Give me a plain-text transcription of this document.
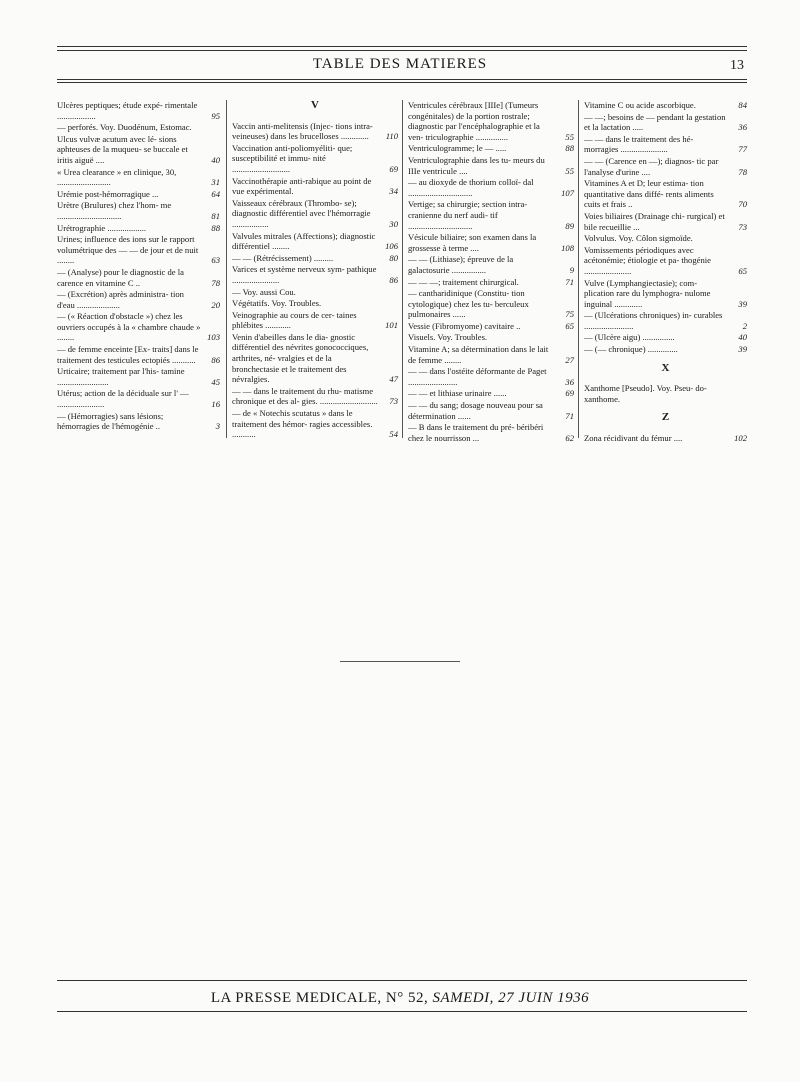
TABLE DES MATIERES	13
Ulcères peptiques; étude expé- rimentale ..................	95
— perforés. Voy. Duodénum, Estomac.
Ulcus vulvæ acutum avec lé- sions aphteuses de la muqueu- se buccale et iritis aiguë ....	40
« Urea clearance » en clinique, 30, .........................	31
Urémie post-hémorragique ...	64
Urètre (Brulures) chez l'hom- me ..............................	81
Urétrographie ..................	88
Urines; influence des ions sur le rapport volumétrique des — — de jour et de nuit ........	63
— (Analyse) pour le diagnostic de la carence en vitamine C ..	78
— (Excrétion) après administra- tion d'eau ....................	20
— (« Réaction d'obstacle ») chez les ouvriers occupés à la « chambre chaude » ........	103
— de femme enceinte [Ex- traits] dans le traitement des testicules ectopiés ...........	86
Urticaire; traitement par l'his- tamine ........................	45
Utérus; action de la déciduale sur l' — ......................	16
— (Hémorragies) sans lésions; hémorragies de l'hémogénie ..	3
V
Vaccin anti-melitensis (Injec- tions intra-veineuses) dans les brucelloses .............	110
Vaccination anti-poliomyéliti- que; susceptibilité et immu- nité ...........................	69
Vaccinothérapie anti-rabique au point de vue expérimental.	34
Vaisseaux cérébraux (Thrombo- se); diagnostic différentiel avec l'hémorragie .................	30
Valvules mitrales (Affections); diagnostic différentiel ........	106
— — (Rétrécissement) .........	80
Varices et système nerveux sym- pathique ......................	86
— Voy. aussi Cou.
Végétatifs. Voy. Troubles.
Veinographie au cours de cer- taines phlébites ............	101
Venin d'abeilles dans le dia- gnostic différentiel des névrites gonococciques, arthrites, né- vralgies et de la bronchectasie et le traitement des névralgies.	47
— — dans le traitement du rhu- matisme chronique et des al- gies. ...........................	73
— de « Notechis scutatus » dans le traitement des hémor- ragies accessibles. ...........	54
Ventricules cérébraux [IIIe] (Tumeurs congénitales) de la portion rostrale; diagnostic par l'encéphalographie et la ven- triculographie ...............	55
Ventriculogramme; le — .....	88
Ventriculographie dans les tu- meurs du IIIe ventricule ....	55
— au dioxyde de thorium colloï- dal ..............................	107
Vertige; sa chirurgie; section intra-cranienne du nerf audi- tif ..............................	89
Vésicule biliaire; son examen dans la grossesse à terme ....	108
— — (Lithiase); épreuve de la galactosurie ................	9
— — —; traitement chirurgical.	71
— cantharidinique (Constitu- tion cytologique) chez les tu- berculeux pulmonaires ......	75
Vessie (Fibromyome) cavitaire ..	65
Visuels. Voy. Troubles.
Vitamine A; sa détermination dans le lait de femme ........	27
— — dans l'ostéite déformante de Paget .......................	36
— — et lithiase urinaire ......	69
— — du sang; dosage nouveau pour sa détermination ......	71
— B dans le traitement du pré- béribéri chez le nourrisson ...	62
Vitamine C ou acide ascorbique.	84
— —; besoins de — pendant la gestation et la lactation .....	36
— — dans le traitement des hé- morragies ......................	77
— — (Carence en —); diagnos- tic par l'analyse d'urine ....	78
Vitamines A et D; leur estima- tion quantitative dans diffé- rents aliments cuits et frais ..	70
Voies biliaires (Drainage chi- rurgical) et bile recueillie ...	73
Volvulus. Voy. Côlon sigmoïde.
Vomissements périodiques avec acétonémie; étiologie et pa- thogénie ......................	65
Vulve (Lymphangiectasie); com- plication rare du lymphogra- nulome inguinal .............	39
— (Ulcérations chroniques) in- curables .......................	2
— (Ulcère aigu) ...............	40
— (— chronique) ..............	39
X
Xanthome [Pseudo]. Voy. Pseu- do-xanthome.
Z
Zona récidivant du fémur ....	102
LA PRESSE MEDICALE, N° 52, SAMEDI, 27 JUIN 1936
